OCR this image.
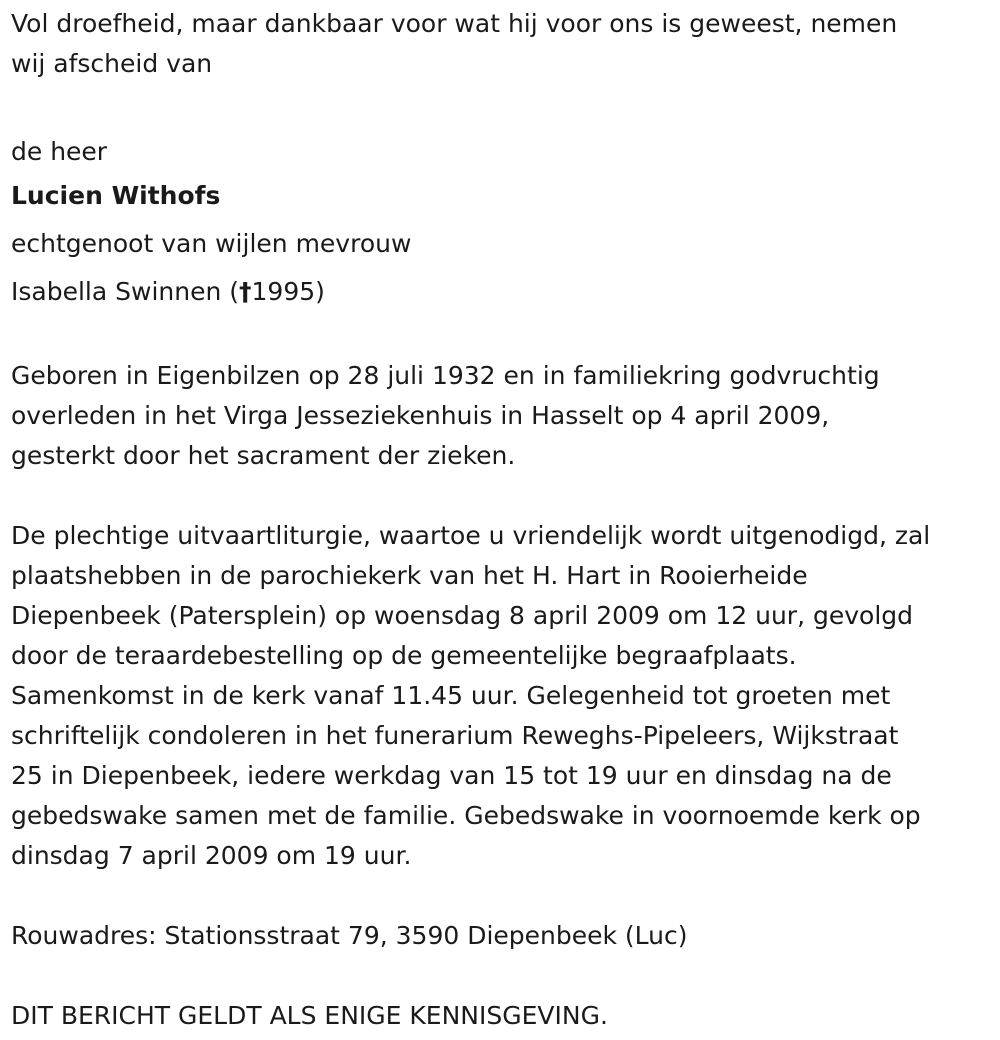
Vol droefheid, maar dankbaar voor wat hij voor ons is geweest, nemen
wij afscheid van

de heer

Lucien Withofs

echtgenoot van wijlen mevrouw

Isabella Swinnen (†1995)

Geboren in Eigenbilzen op 28 juli 1932 en in familiekring godvruchtig
overleden in het Virga Jesseziekenhuis in Hasselt op 4 april 2009,
gesterkt door het sacrament der zieken.

De plechtige uitvaartliturgie, waartoe u vriendelijk wordt uitgenodigd, zal
plaatshebben in de parochiekerk van het H. Hart in Rooierheide
Diepenbeek (Patersplein) op woensdag 8 april 2009 om 12 uur, gevolgd
door de teraardebestelling op de gemeentelijke begraafplaats.
Samenkomst in de kerk vanaf 11.45 uur. Gelegenheid tot groeten met
schriftelijk condoleren in het funerarium Reweghs-Pipeleers, Wijkstraat
25 in Diepenbeek, iedere werkdag van 15 tot 19 uur en dinsdag na de
gebedswake samen met de familie. Gebedswake in voornoemde kerk op
dinsdag 7 april 2009 om 19 uur.

Rouwadres: Stationsstraat 79, 3590 Diepenbeek (Luc)

DIT BERICHT GELDT ALS ENIGE KENNISGEVING.
